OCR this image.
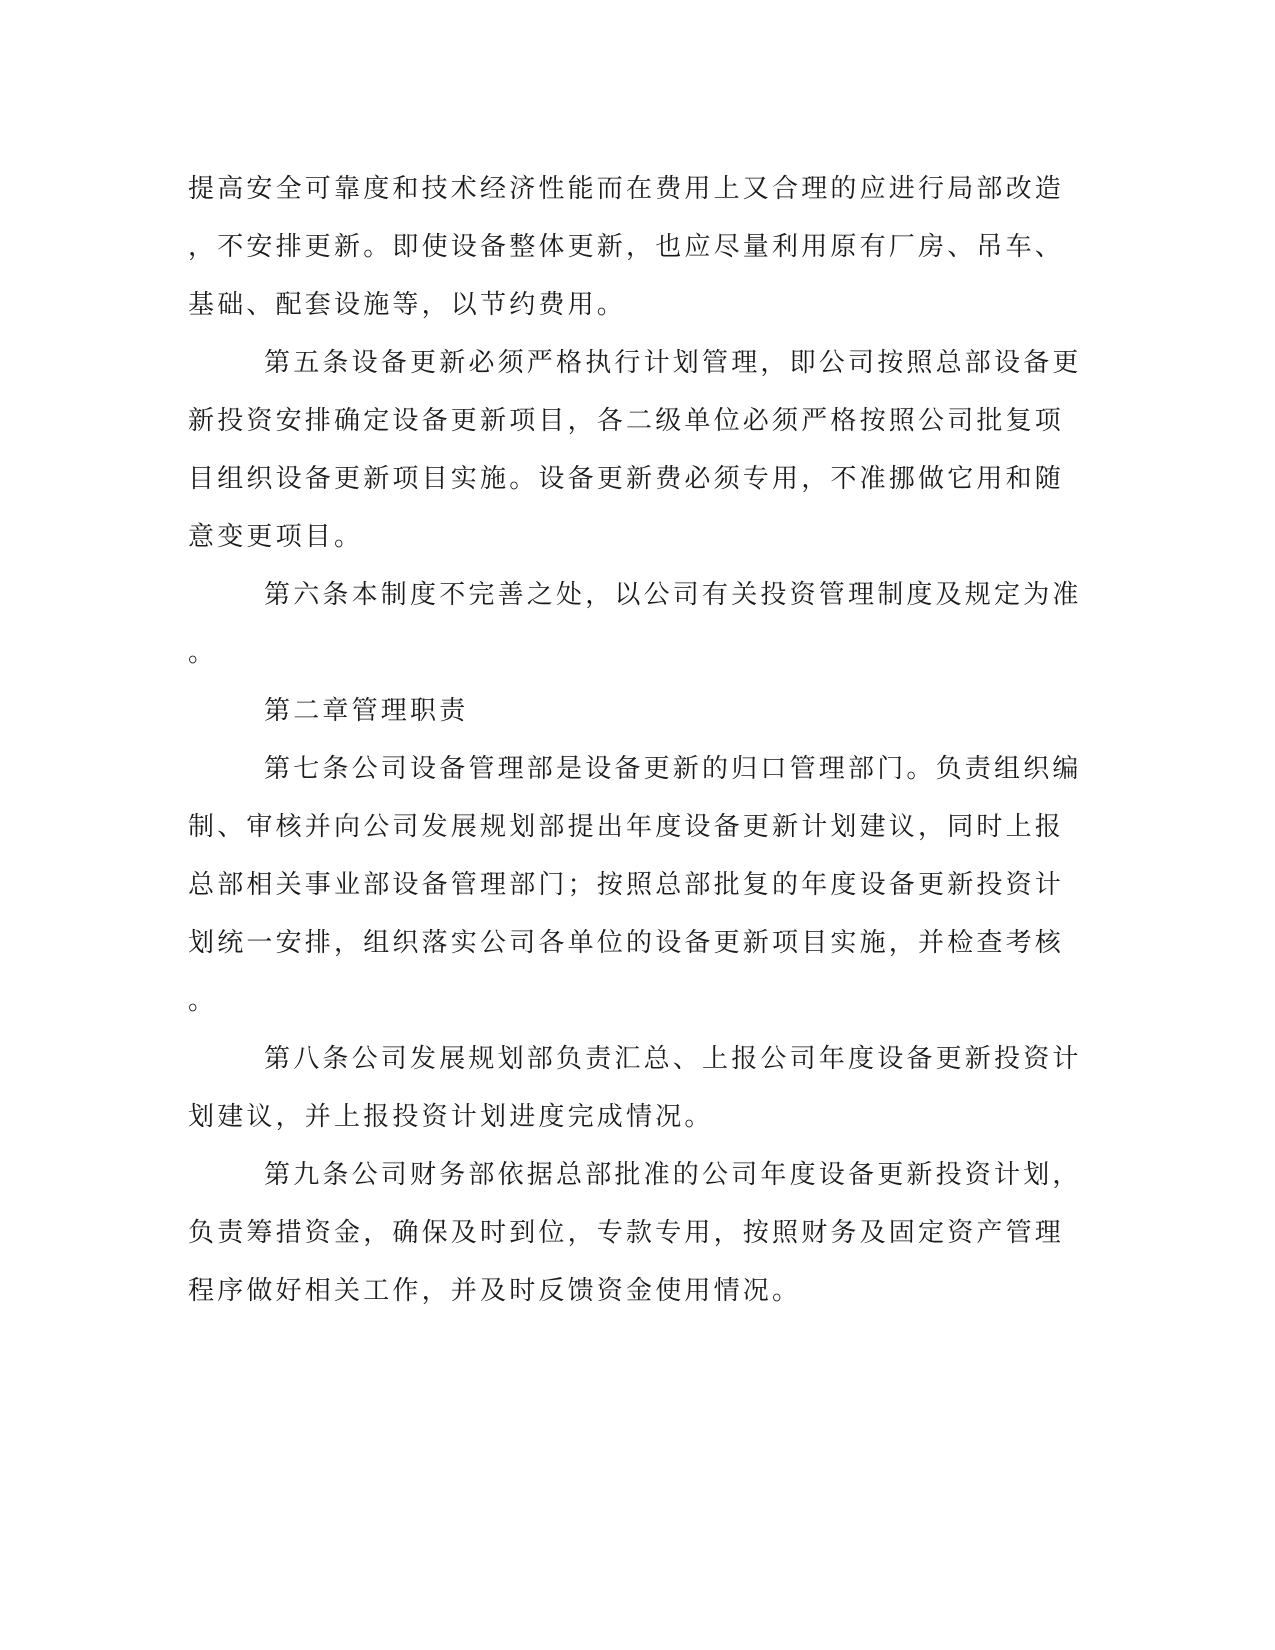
提高安全可靠度和技术经济性能而在费用上又合理的应进行局部改造

，不安排更新。即使设备整体更新，也应尽量利用原有厂房、吊车、

基础、配套设施等，以节约费用。

第五条设备更新必须严格执行计划管理，即公司按照总部设备更

新投资安排确定设备更新项目，各二级单位必须严格按照公司批复项

目组织设备更新项目实施。设备更新费必须专用，不准挪做它用和随

意变更项目。

第六条本制度不完善之处，以公司有关投资管理制度及规定为准

。

第二章管理职责

第七条公司设备管理部是设备更新的归口管理部门。负责组织编

制、审核并向公司发展规划部提出年度设备更新计划建议，同时上报

总部相关事业部设备管理部门；按照总部批复的年度设备更新投资计

划统一安排，组织落实公司各单位的设备更新项目实施，并检查考核

。

第八条公司发展规划部负责汇总、上报公司年度设备更新投资计

划建议，并上报投资计划进度完成情况。

第九条公司财务部依据总部批准的公司年度设备更新投资计划，

负责筹措资金，确保及时到位，专款专用，按照财务及固定资产管理

程序做好相关工作，并及时反馈资金使用情况。
